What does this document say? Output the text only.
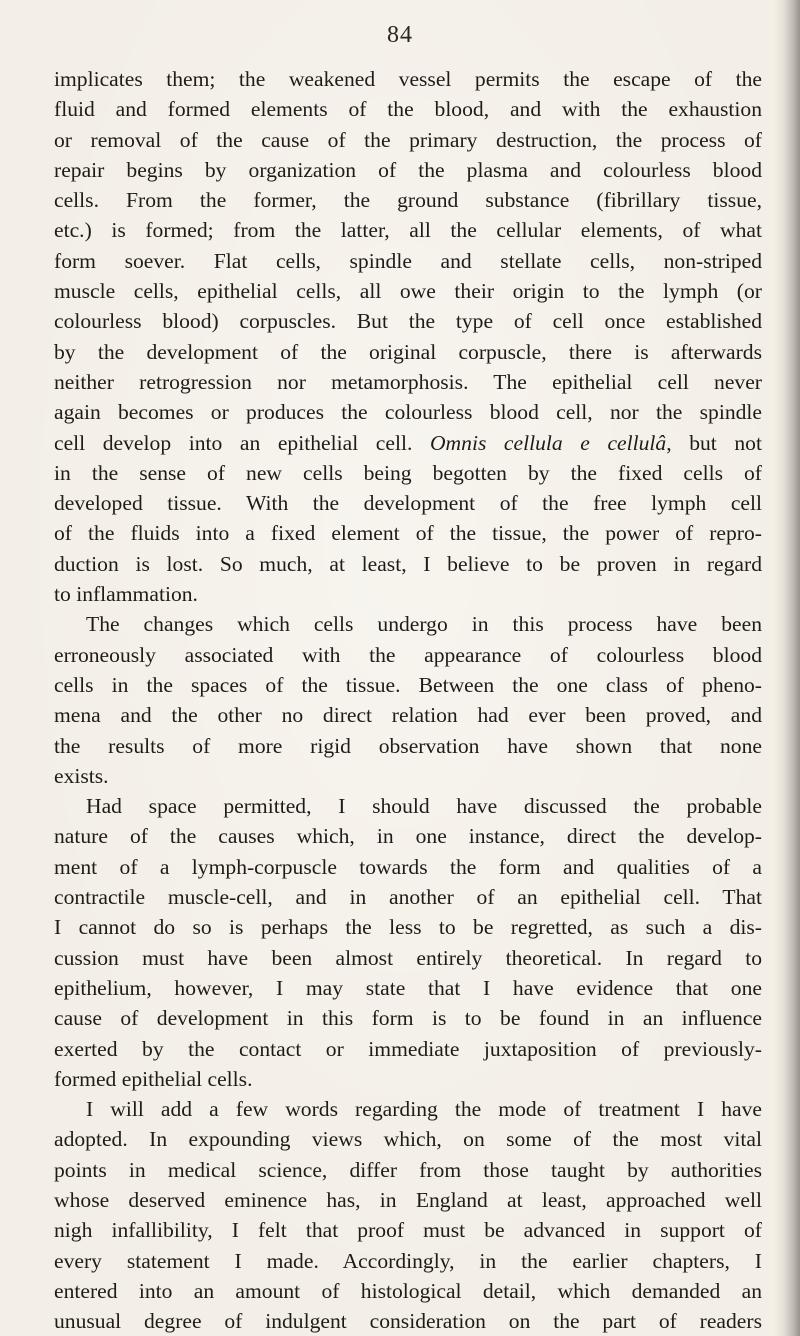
84
implicates them; the weakened vessel permits the escape of the
fluid and formed elements of the blood, and with the exhaustion
or removal of the cause of the primary destruction, the process of
repair begins by organization of the plasma and colourless blood
cells. From the former, the ground substance (fibrillary tissue,
etc.) is formed; from the latter, all the cellular elements, of what
form soever. Flat cells, spindle and stellate cells, non-striped
muscle cells, epithelial cells, all owe their origin to the lymph (or
colourless blood) corpuscles. But the type of cell once established
by the development of the original corpuscle, there is afterwards
neither retrogression nor metamorphosis. The epithelial cell never
again becomes or produces the colourless blood cell, nor the spindle
cell develop into an epithelial cell. Omnis cellula e cellulâ, but not
in the sense of new cells being begotten by the fixed cells of
developed tissue. With the development of the free lymph cell
of the fluids into a fixed element of the tissue, the power of repro-
duction is lost. So much, at least, I believe to be proven in regard
to inflammation.
The changes which cells undergo in this process have been
erroneously associated with the appearance of colourless blood
cells in the spaces of the tissue. Between the one class of pheno-
mena and the other no direct relation had ever been proved, and
the results of more rigid observation have shown that none
exists.
Had space permitted, I should have discussed the probable
nature of the causes which, in one instance, direct the develop-
ment of a lymph-corpuscle towards the form and qualities of a
contractile muscle-cell, and in another of an epithelial cell. That
I cannot do so is perhaps the less to be regretted, as such a dis-
cussion must have been almost entirely theoretical. In regard to
epithelium, however, I may state that I have evidence that one
cause of development in this form is to be found in an influence
exerted by the contact or immediate juxtaposition of previously-
formed epithelial cells.
I will add a few words regarding the mode of treatment I have
adopted. In expounding views which, on some of the most vital
points in medical science, differ from those taught by authorities
whose deserved eminence has, in England at least, approached well
nigh infallibility, I felt that proof must be advanced in support of
every statement I made. Accordingly, in the earlier chapters, I
entered into an amount of histological detail, which demanded an
unusual degree of indulgent consideration on the part of readers
